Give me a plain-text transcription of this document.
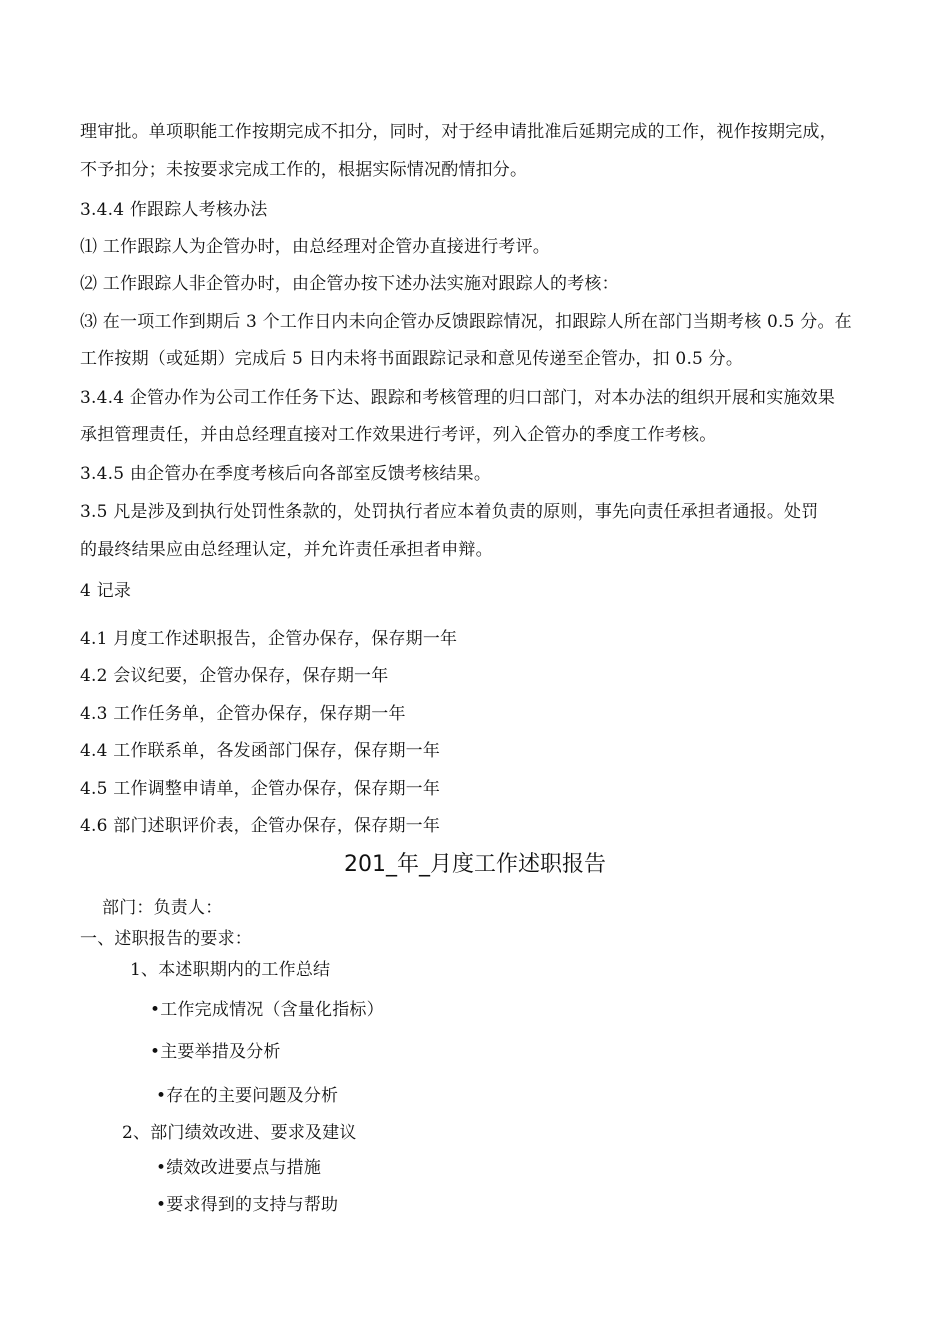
理审批。单项职能工作按期完成不扣分，同时，对于经申请批准后延期完成的工作，视作按期完成，
不予扣分；未按要求完成工作的，根据实际情况酌情扣分。
3.4.4 作跟踪人考核办法
⑴ 工作跟踪人为企管办时，由总经理对企管办直接进行考评。
⑵ 工作跟踪人非企管办时，由企管办按下述办法实施对跟踪人的考核：
⑶ 在一项工作到期后 3 个工作日内未向企管办反馈跟踪情况，扣跟踪人所在部门当期考核 0.5 分。在
工作按期（或延期）完成后 5 日内未将书面跟踪记录和意见传递至企管办，扣 0.5 分。
3.4.4 企管办作为公司工作任务下达、跟踪和考核管理的归口部门，对本办法的组织开展和实施效果
承担管理责任，并由总经理直接对工作效果进行考评，列入企管办的季度工作考核。
3.4.5 由企管办在季度考核后向各部室反馈考核结果。
3.5 凡是涉及到执行处罚性条款的，处罚执行者应本着负责的原则，事先向责任承担者通报。处罚
的最终结果应由总经理认定，并允许责任承担者申辩。
4 记录
4.1 月度工作述职报告，企管办保存，保存期一年
4.2 会议纪要，企管办保存，保存期一年
4.3 工作任务单，企管办保存，保存期一年
4.4 工作联系单，各发函部门保存，保存期一年
4.5 工作调整申请单，企管办保存，保存期一年
4.6 部门述职评价表，企管办保存，保存期一年
201_年_月度工作述职报告
部门：负责人：
一、述职报告的要求：
1、本述职期内的工作总结
•工作完成情况（含量化指标）
•主要举措及分析
•存在的主要问题及分析
2、部门绩效改进、要求及建议
•绩效改进要点与措施
•要求得到的支持与帮助
